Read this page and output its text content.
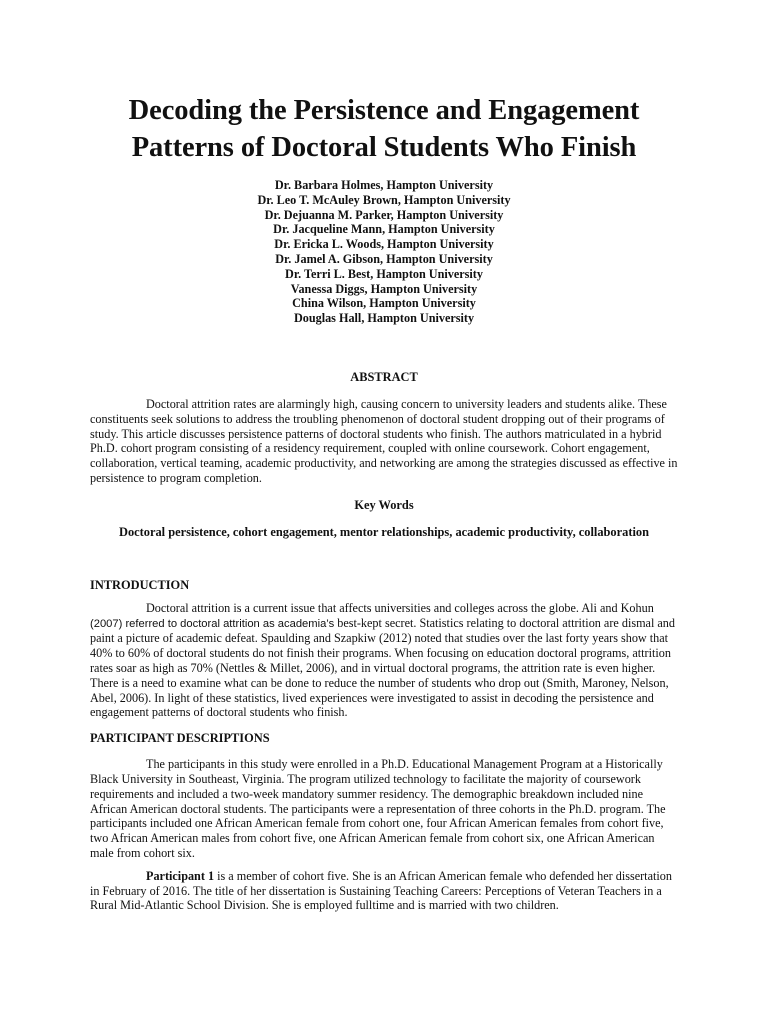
Decoding the Persistence and Engagement
Patterns of Doctoral Students Who Finish
Dr. Barbara Holmes, Hampton University
Dr. Leo T. McAuley Brown, Hampton University
Dr. Dejuanna M. Parker, Hampton University
Dr. Jacqueline Mann, Hampton University
Dr. Ericka L. Woods, Hampton University
Dr. Jamel A. Gibson, Hampton University
Dr. Terri L. Best, Hampton University
Vanessa Diggs, Hampton University
China Wilson, Hampton University
Douglas Hall, Hampton University
ABSTRACT

Doctoral attrition rates are alarmingly high, causing concern to university leaders and students alike. These constituents seek solutions to address the troubling phenomenon of doctoral student dropping out of their programs of study. This article discusses persistence patterns of doctoral students who finish. The authors matriculated in a hybrid Ph.D. cohort program consisting of a residency requirement, coupled with online coursework. Cohort engagement, collaboration, vertical teaming, academic productivity, and networking are among the strategies discussed as effective in persistence to program completion.

Key Words
Doctoral persistence, cohort engagement, mentor relationships, academic productivity, collaboration
INTRODUCTION

Doctoral attrition is a current issue that affects universities and colleges across the globe. Ali and Kohun (2007) referred to doctoral attrition as academia’s best-kept secret. Statistics relating to doctoral attrition are dismal and paint a picture of academic defeat. Spaulding and Szapkiw (2012) noted that studies over the last forty years show that 40% to 60% of doctoral students do not finish their programs. When focusing on education doctoral programs, attrition rates soar as high as 70% (Nettles & Millet, 2006), and in virtual doctoral programs, the attrition rate is even higher. There is a need to examine what can be done to reduce the number of students who drop out (Smith, Maroney, Nelson, Abel, 2006). In light of these statistics, lived experiences were investigated to assist in decoding the persistence and engagement patterns of doctoral students who finish.

PARTICIPANT DESCRIPTIONS

The participants in this study were enrolled in a Ph.D. Educational Management Program at a Historically Black University in Southeast, Virginia. The program utilized technology to facilitate the majority of coursework requirements and included a two-week mandatory summer residency. The demographic breakdown included nine African American doctoral students. The participants were a representation of three cohorts in the Ph.D. program. The participants included one African American female from cohort one, four African American females from cohort five, two African American males from cohort five, one African American female from cohort six, one African American male from cohort six.

Participant 1 is a member of cohort five. She is an African American female who defended her dissertation in February of 2016. The title of her dissertation is Sustaining Teaching Careers: Perceptions of Veteran Teachers in a Rural Mid-Atlantic School Division. She is employed fulltime and is married with two children.
